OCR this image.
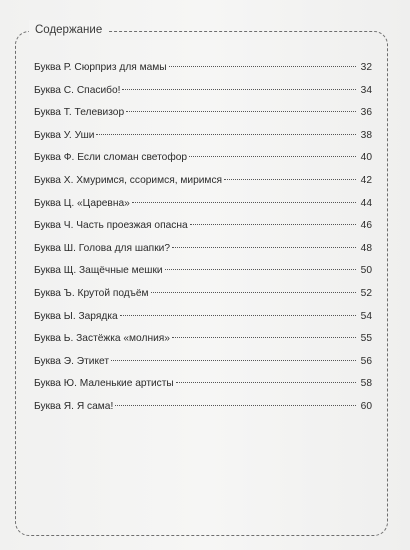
Содержание
Буква Р. Сюрприз для мамы	32
Буква С. Спасибо!	34
Буква Т. Телевизор	36
Буква У. Уши	38
Буква Ф. Если сломан светофор	40
Буква Х. Хмуримся, ссоримся, миримся	42
Буква Ц. «Царевна»	44
Буква Ч. Часть проезжая опасна	46
Буква Ш. Голова для шапки?	48
Буква Щ. Защёчные мешки	50
Буква Ъ. Крутой подъём	52
Буква Ы. Зарядка	54
Буква Ь. Застёжка «молния»	55
Буква Э. Этикет	56
Буква Ю. Маленькие артисты	58
Буква Я. Я сама!	60
